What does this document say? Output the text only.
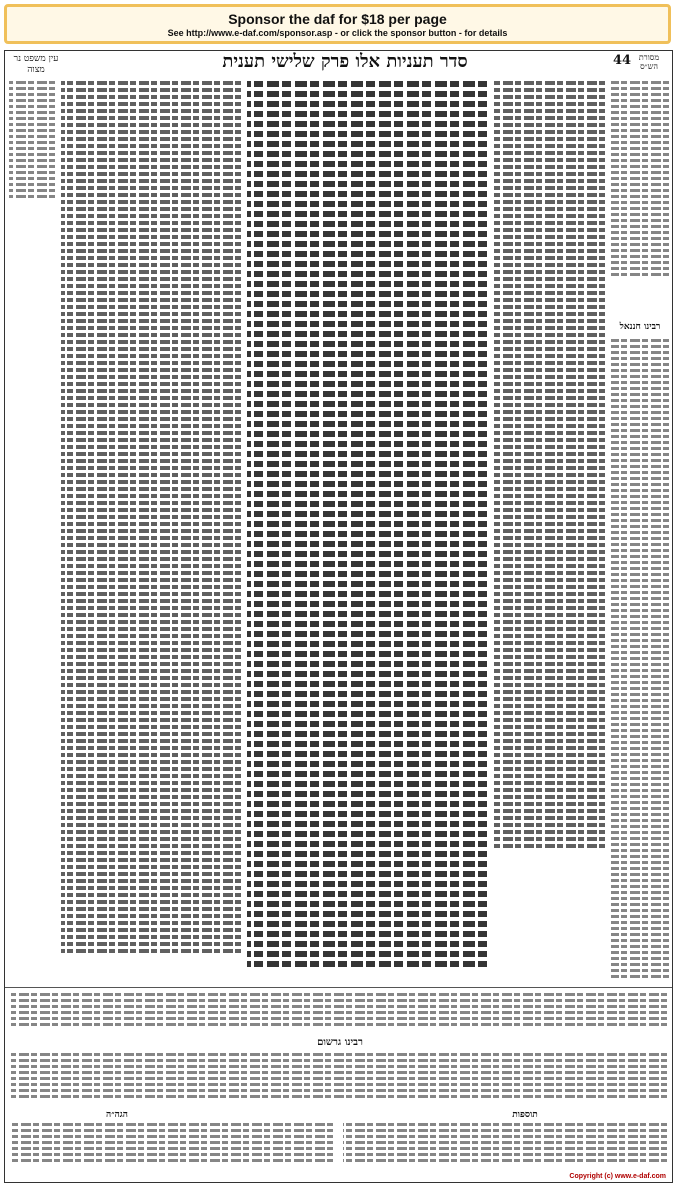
Sponsor the daf for $18 per page
See http://www.e-daf.com/sponsor.asp - or click the sponsor button - for details
עין משפט נר מצוה	סדר תעניות אלו פרק שלישי תענית	44 מסורת הש״ס
רבינו חננאל
רבינו גרשום
הגה״ה	תוספות
Copyright (c) www.e-daf.com
